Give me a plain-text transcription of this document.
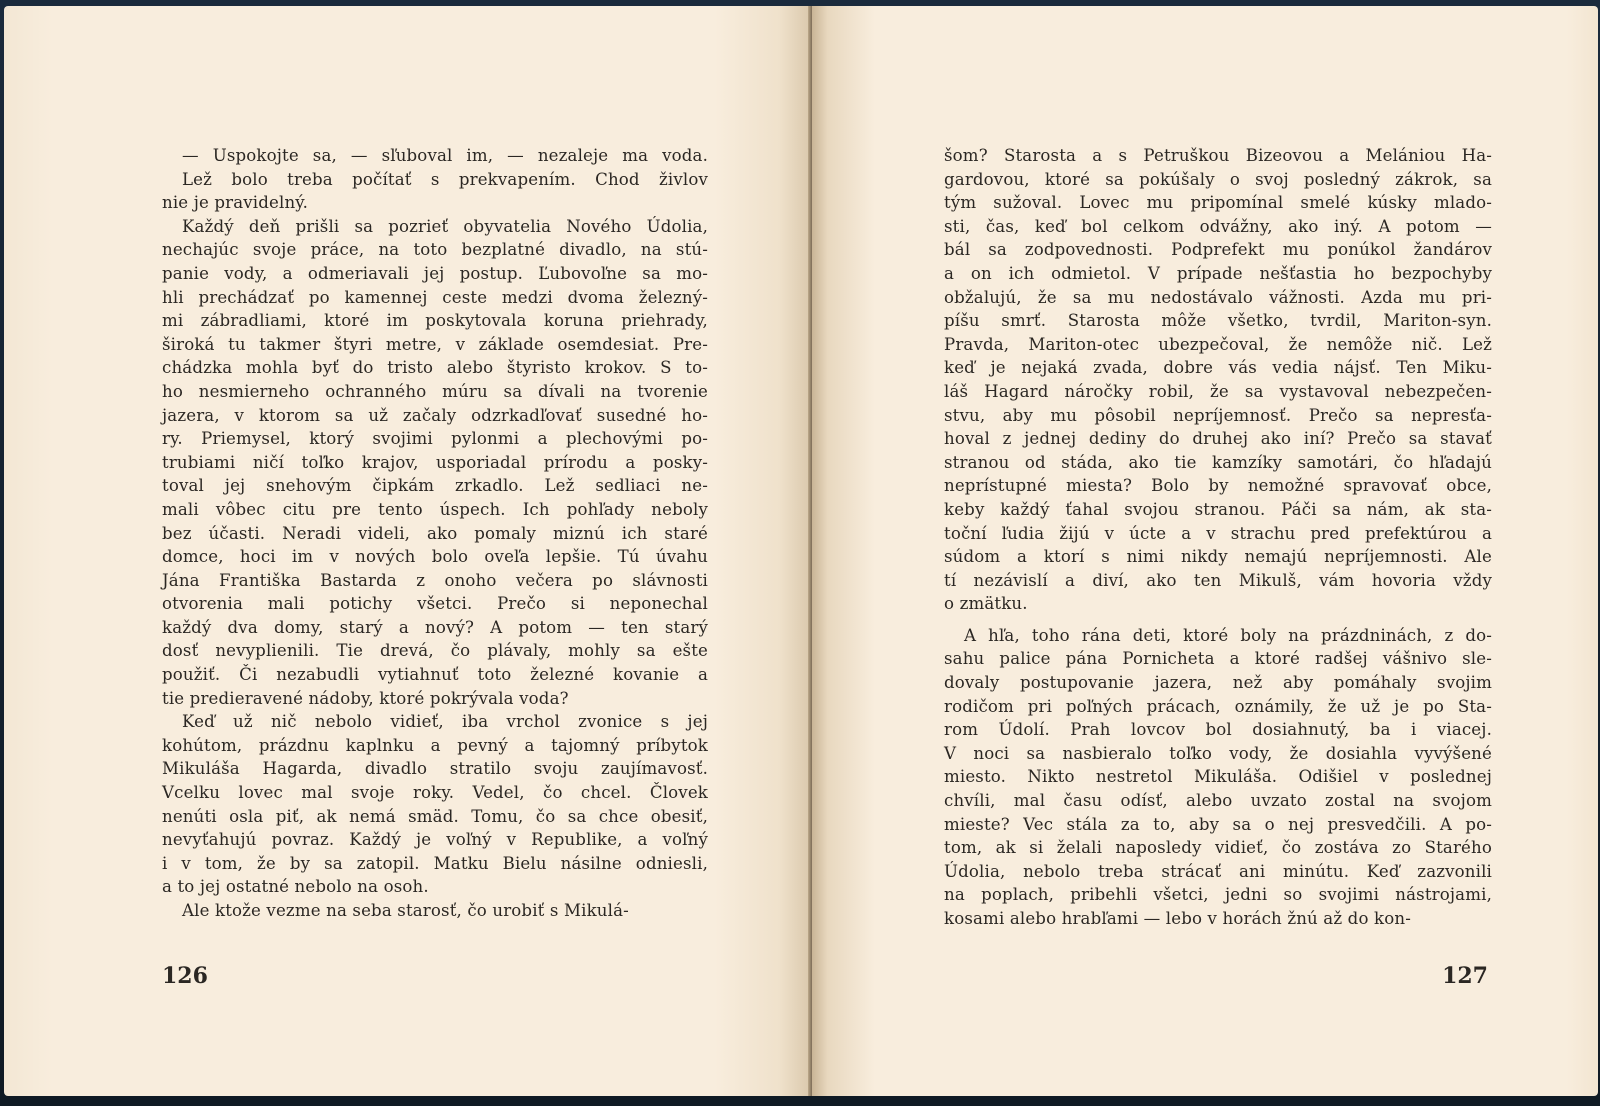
— Uspokojte sa, — sľuboval im, — nezaleje ma voda.
Lež bolo treba počítať s prekvapením. Chod živlov
nie je pravidelný.
Každý deň prišli sa pozrieť obyvatelia Nového Údolia,
nechajúc svoje práce, na toto bezplatné divadlo, na stú-
panie vody, a odmeriavali jej postup. Ľubovoľne sa mo-
hli prechádzať po kamennej ceste medzi dvoma železný-
mi zábradliami, ktoré im poskytovala koruna priehrady,
široká tu takmer štyri metre, v základe osemdesiat. Pre-
chádzka mohla byť do tristo alebo štyristo krokov. S to-
ho nesmierneho ochranného múru sa dívali na tvorenie
jazera, v ktorom sa už začaly odzrkadľovať susedné ho-
ry. Priemysel, ktorý svojimi pylonmi a plechovými po-
trubiami ničí toľko krajov, usporiadal prírodu a posky-
toval jej snehovým čipkám zrkadlo. Lež sedliaci ne-
mali vôbec citu pre tento úspech. Ich pohľady neboly
bez účasti. Neradi videli, ako pomaly miznú ich staré
domce, hoci im v nových bolo oveľa lepšie. Tú úvahu
Jána Františka Bastarda z onoho večera po slávnosti
otvorenia mali potichy všetci. Prečo si neponechal
každý dva domy, starý a nový? A potom — ten starý
dosť nevyplienili. Tie drevá, čo plávaly, mohly sa ešte
použiť. Či nezabudli vytiahnuť toto železné kovanie a
tie predieravené nádoby, ktoré pokrývala voda?
Keď už nič nebolo vidieť, iba vrchol zvonice s jej
kohútom, prázdnu kaplnku a pevný a tajomný príbytok
Mikuláša Hagarda, divadlo stratilo svoju zaujímavosť.
Vcelku lovec mal svoje roky. Vedel, čo chcel. Človek
nenúti osla piť, ak nemá smäd. Tomu, čo sa chce obesiť,
nevyťahujú povraz. Každý je voľný v Republike, a voľný
i v tom, že by sa zatopil. Matku Bielu násilne odniesli,
a to jej ostatné nebolo na osoh.
Ale ktože vezme na seba starosť, čo urobiť s Mikulá-
126
šom? Starosta a s Petruškou Bizeovou a Melániou Ha-
gardovou, ktoré sa pokúšaly o svoj posledný zákrok, sa
tým sužoval. Lovec mu pripomínal smelé kúsky mlado-
sti, čas, keď bol celkom odvážny, ako iný. A potom —
bál sa zodpovednosti. Podprefekt mu ponúkol žandárov
a on ich odmietol. V prípade nešťastia ho bezpochyby
obžalujú, že sa mu nedostávalo vážnosti. Azda mu pri-
píšu smrť. Starosta môže všetko, tvrdil, Mariton-syn.
Pravda, Mariton-otec ubezpečoval, že nemôže nič. Lež
keď je nejaká zvada, dobre vás vedia nájsť. Ten Miku-
láš Hagard náročky robil, že sa vystavoval nebezpečen-
stvu, aby mu pôsobil nepríjemnosť. Prečo sa nepresťa-
hoval z jednej dediny do druhej ako iní? Prečo sa stavať
stranou od stáda, ako tie kamzíky samotári, čo hľadajú
neprístupné miesta? Bolo by nemožné spravovať obce,
keby každý ťahal svojou stranou. Páči sa nám, ak sta-
toční ľudia žijú v úcte a v strachu pred prefektúrou a
súdom a ktorí s nimi nikdy nemajú nepríjemnosti. Ale
tí nezávislí a diví, ako ten Mikulš, vám hovoria vždy
o zmätku.
A hľa, toho rána deti, ktoré boly na prázdninách, z do-
sahu palice pána Pornicheta a ktoré radšej vášnivo sle-
dovaly postupovanie jazera, než aby pomáhaly svojim
rodičom pri poľných prácach, oznámily, že už je po Sta-
rom Údolí. Prah lovcov bol dosiahnutý, ba i viacej.
V noci sa nasbieralo toľko vody, že dosiahla vyvýšené
miesto. Nikto nestretol Mikuláša. Odišiel v poslednej
chvíli, mal času odísť, alebo uvzato zostal na svojom
mieste? Vec stála za to, aby sa o nej presvedčili. A po-
tom, ak si želali naposledy vidieť, čo zostáva zo Starého
Údolia, nebolo treba strácať ani minútu. Keď zazvonili
na poplach, pribehli všetci, jedni so svojimi nástrojami,
kosami alebo hrabľami — lebo v horách žnú až do kon-
127
